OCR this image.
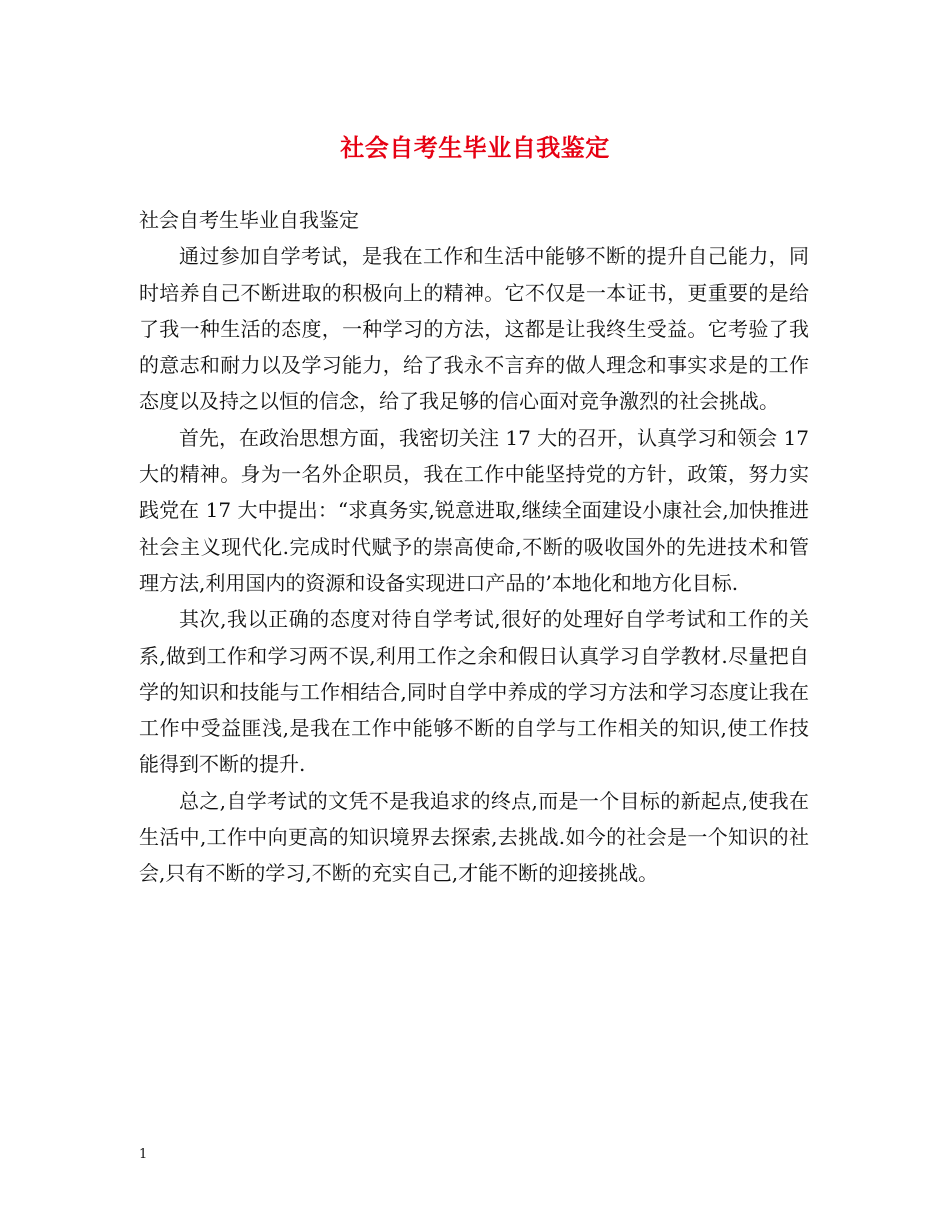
社会自考生毕业自我鉴定

社会自考生毕业自我鉴定

通过参加自学考试，是我在工作和生活中能够不断的提升自己能力，同时培养自己不断进取的积极向上的精神。它不仅是一本证书，更重要的是给了我一种生活的态度，一种学习的方法，这都是让我终生受益。它考验了我的意志和耐力以及学习能力，给了我永不言弃的做人理念和事实求是的工作态度以及持之以恒的信念，给了我足够的信心面对竞争激烈的社会挑战。

首先，在政治思想方面，我密切关注 17 大的召开，认真学习和领会 17 大的精神。身为一名外企职员，我在工作中能坚持党的方针，政策，努力实践党在 17 大中提出：“求真务实,锐意进取,继续全面建设小康社会,加快推进社会主义现代化.完成时代赋予的崇高使命,不断的吸收国外的先进技术和管理方法,利用国内的资源和设备实现进口产品的’本地化和地方化目标.

其次,我以正确的态度对待自学考试,很好的处理好自学考试和工作的关系,做到工作和学习两不误,利用工作之余和假日认真学习自学教材.尽量把自学的知识和技能与工作相结合,同时自学中养成的学习方法和学习态度让我在工作中受益匪浅,是我在工作中能够不断的自学与工作相关的知识,使工作技能得到不断的提升.

总之,自学考试的文凭不是我追求的终点,而是一个目标的新起点,使我在生活中,工作中向更高的知识境界去探索,去挑战.如今的社会是一个知识的社会,只有不断的学习,不断的充实自己,才能不断的迎接挑战。

1
